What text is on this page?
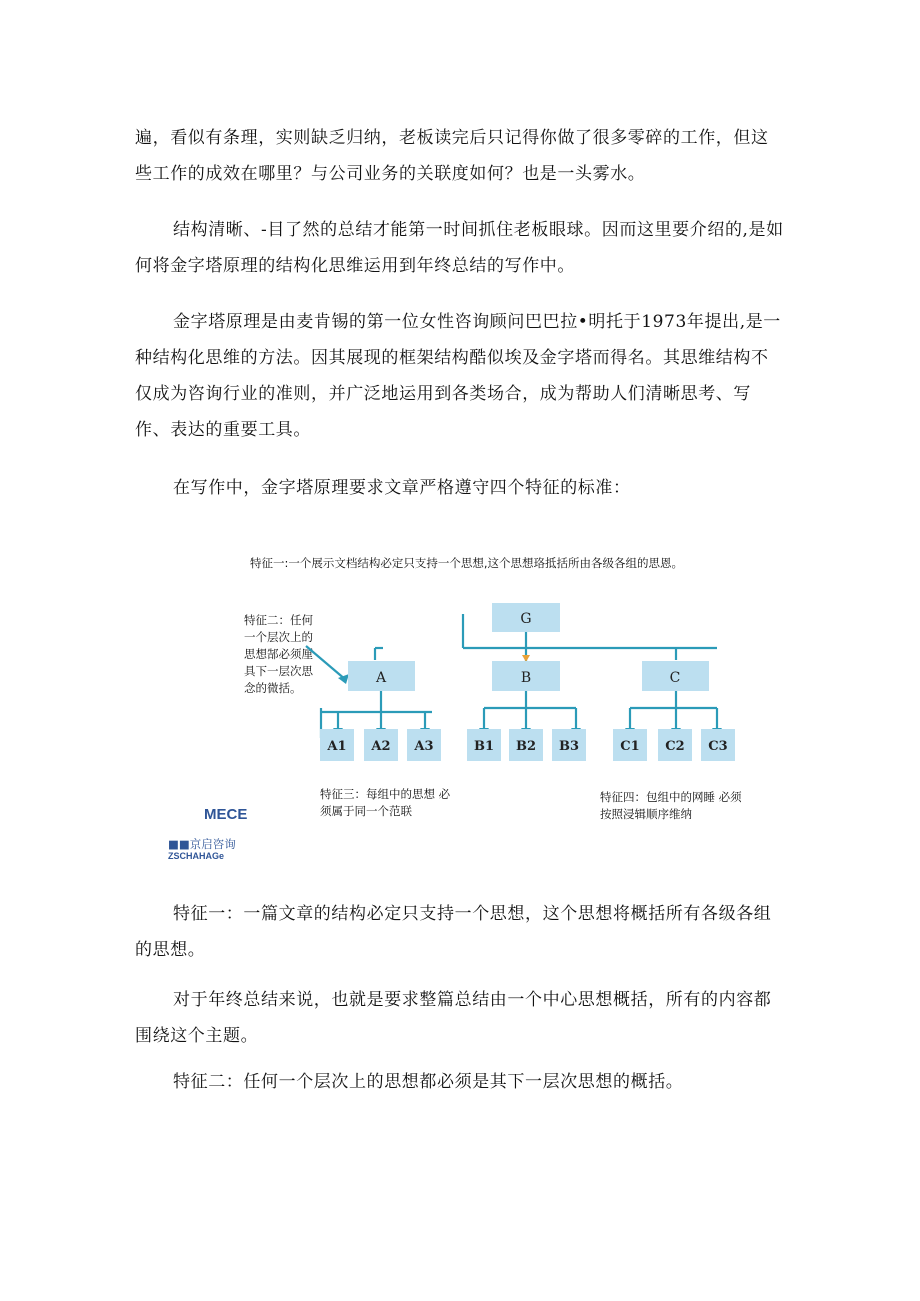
遍，看似有条理，实则缺乏归纳，老板读完后只记得你做了很多零碎的工作，但这些工作的成效在哪里？与公司业务的关联度如何？也是一头雾水。

结构清晰、-目了然的总结才能第一时间抓住老板眼球。因而这里要介绍的,是如何将金字塔原理的结构化思维运用到年终总结的写作中。

金字塔原理是由麦肯锡的第一位女性咨询顾问巴巴拉•明托于1973年提出,是一种结构化思维的方法。因其展现的框架结构酷似埃及金字塔而得名。其思维结构不仅成为咨询行业的准则，并广泛地运用到各类场合，成为帮助人们清晰思考、写作、表达的重要工具。

在写作中，金字塔原理要求文章严格遵守四个特征的标准：

特征一:一个展示文档结构必定只支持一个思想,这个思想珞抵括所由各级各组的思恩。

特征二：任何
一个层次上的
思想郜必须厘
具下一层次思
念的微括。
G
A	B	C
A1 A2 A3	B1 B2 B3	C1 C2 C3
特征三：每组中的思想 必
须属于同一个范联
特征四：包组中的网睡 必须
按照浸辑顺序维纳
MECE
■■京启咨询
ZSCHAHAGe

特征一：一篇文章的结构必定只支持一个思想，这个思想将概括所有各级各组的思想。

对于年终总结来说，也就是要求整篇总结由一个中心思想概括，所有的内容都围绕这个主题。

特征二：任何一个层次上的思想都必须是其下一层次思想的概括。
